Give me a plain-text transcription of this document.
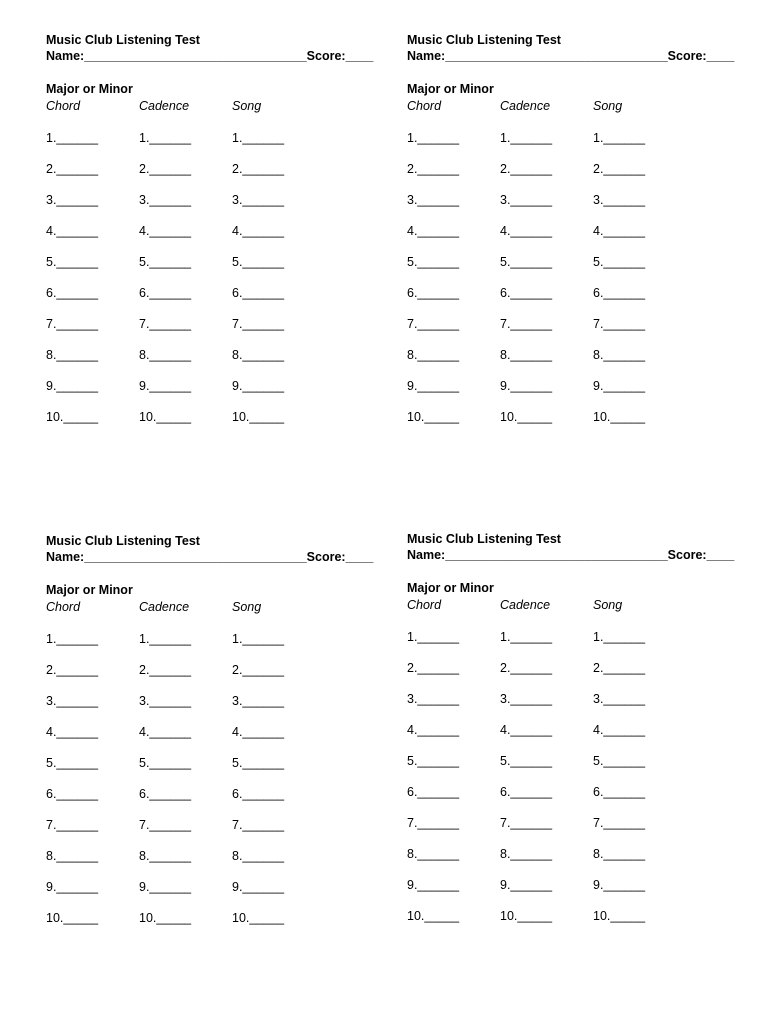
Music Club Listening Test
Name:________________________________Score:____
Major or Minor
Chord
1.______
2.______
3.______
4.______
5.______
6.______
7.______
8.______
9.______
10._____
Cadence
1.______
2.______
3.______
4.______
5.______
6.______
7.______
8.______
9.______
10._____
Song
1.______
2.______
3.______
4.______
5.______
6.______
7.______
8.______
9.______
10._____
Music Club Listening Test
Name:________________________________Score:____
Major or Minor
Chord
1.______
2.______
3.______
4.______
5.______
6.______
7.______
8.______
9.______
10._____
Cadence
1.______
2.______
3.______
4.______
5.______
6.______
7.______
8.______
9.______
10._____
Song
1.______
2.______
3.______
4.______
5.______
6.______
7.______
8.______
9.______
10._____
Music Club Listening Test
Name:________________________________Score:____
Major or Minor
Chord
1.______
2.______
3.______
4.______
5.______
6.______
7.______
8.______
9.______
10._____
Cadence
1.______
2.______
3.______
4.______
5.______
6.______
7.______
8.______
9.______
10._____
Song
1.______
2.______
3.______
4.______
5.______
6.______
7.______
8.______
9.______
10._____
Music Club Listening Test
Name:________________________________Score:____
Major or Minor
Chord
1.______
2.______
3.______
4.______
5.______
6.______
7.______
8.______
9.______
10._____
Cadence
1.______
2.______
3.______
4.______
5.______
6.______
7.______
8.______
9.______
10._____
Song
1.______
2.______
3.______
4.______
5.______
6.______
7.______
8.______
9.______
10._____
